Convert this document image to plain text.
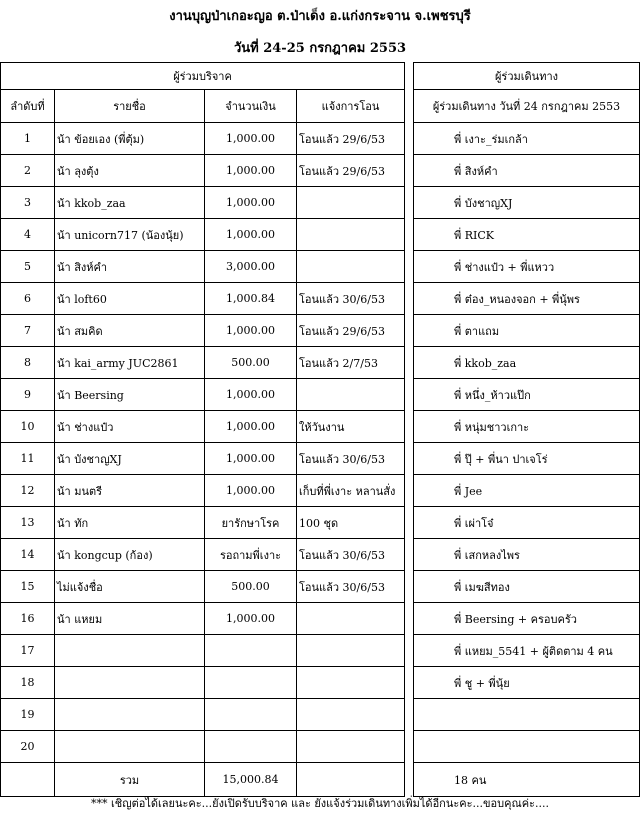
งานบุญป่าเกอะญอ ต.ป่าเด็ง อ.แก่งกระจาน จ.เพชรบุรี
วันที่ 24-25 กรกฎาคม 2553
ผู้ร่วมบริจาค			
ลำดับที่	รายชื่อ	จำนวนเงิน	แจ้งการโอน
1	น้า ข้อยเอง (พี่ตุ้ม)	1,000.00	โอนแล้ว 29/6/53
2	น้า ลุงตุ้ง	1,000.00	โอนแล้ว 29/6/53
3	น้า kkob_zaa	1,000.00	
4	น้า unicorn717 (น้องนุ้ย)	1,000.00	
5	น้า สิงห์คำ	3,000.00	
6	น้า loft60	1,000.84	โอนแล้ว 30/6/53
7	น้า สมคิด	1,000.00	โอนแล้ว 29/6/53
8	น้า kai_army JUC2861	500.00	โอนแล้ว 2/7/53
9	น้า Beersing	1,000.00	
10	น้า ช่างแป๋ว	1,000.00	ให้วันงาน
11	น้า บังชาญXJ	1,000.00	โอนแล้ว 30/6/53
12	น้า มนตรี	1,000.00	เก็บที่พี่เงาะ หลานสั่ง
13	น้า ทัก	ยารักษาโรค	100 ชุด
14	น้า kongcup (ก้อง)	รอถามพี่เงาะ	โอนแล้ว 30/6/53
15	ไม่แจ้งชื่อ	500.00	โอนแล้ว 30/6/53
16	น้า แหยม	1,000.00	
17			
18			
19			
20			
	รวม	15,000.84	
ผู้ร่วมเดินทาง
ผู้ร่วมเดินทาง วันที่ 24 กรกฎาคม 2553
พี่ เงาะ_ร่มเกล้า
พี่ สิงห์คำ
พี่ บังชาญXJ
พี่ RICK
พี่ ช่างแป๋ว + พี่แหวว
พี่ ต๋อง_หนองจอก + พี่นุ้พร
พี่ ตาแถม
พี่ kkob_zaa
พี่ หนึ่ง_ห้าวแป๊ก
พี่ หนุ่มชาวเกาะ
พี่ ปุ๊ + พี่นา ปาเจโร่
พี่ Jee
พี่ เผ่าโจ๋
พี่ เสกหลงไพร
พี่ เมฆสีทอง
พี่ Beersing + ครอบครัว
พี่ แหยม_5541 + ผู้ติดตาม 4 คน
พี่ ชู + พี่นุ้ย

18 คน
*** เชิญต่อได้เลยนะคะ...ยังเปิดรับบริจาค และ ยังแจ้งร่วมเดินทางเพิ่มได้อีกนะคะ...ขอบคุณค่ะ....
